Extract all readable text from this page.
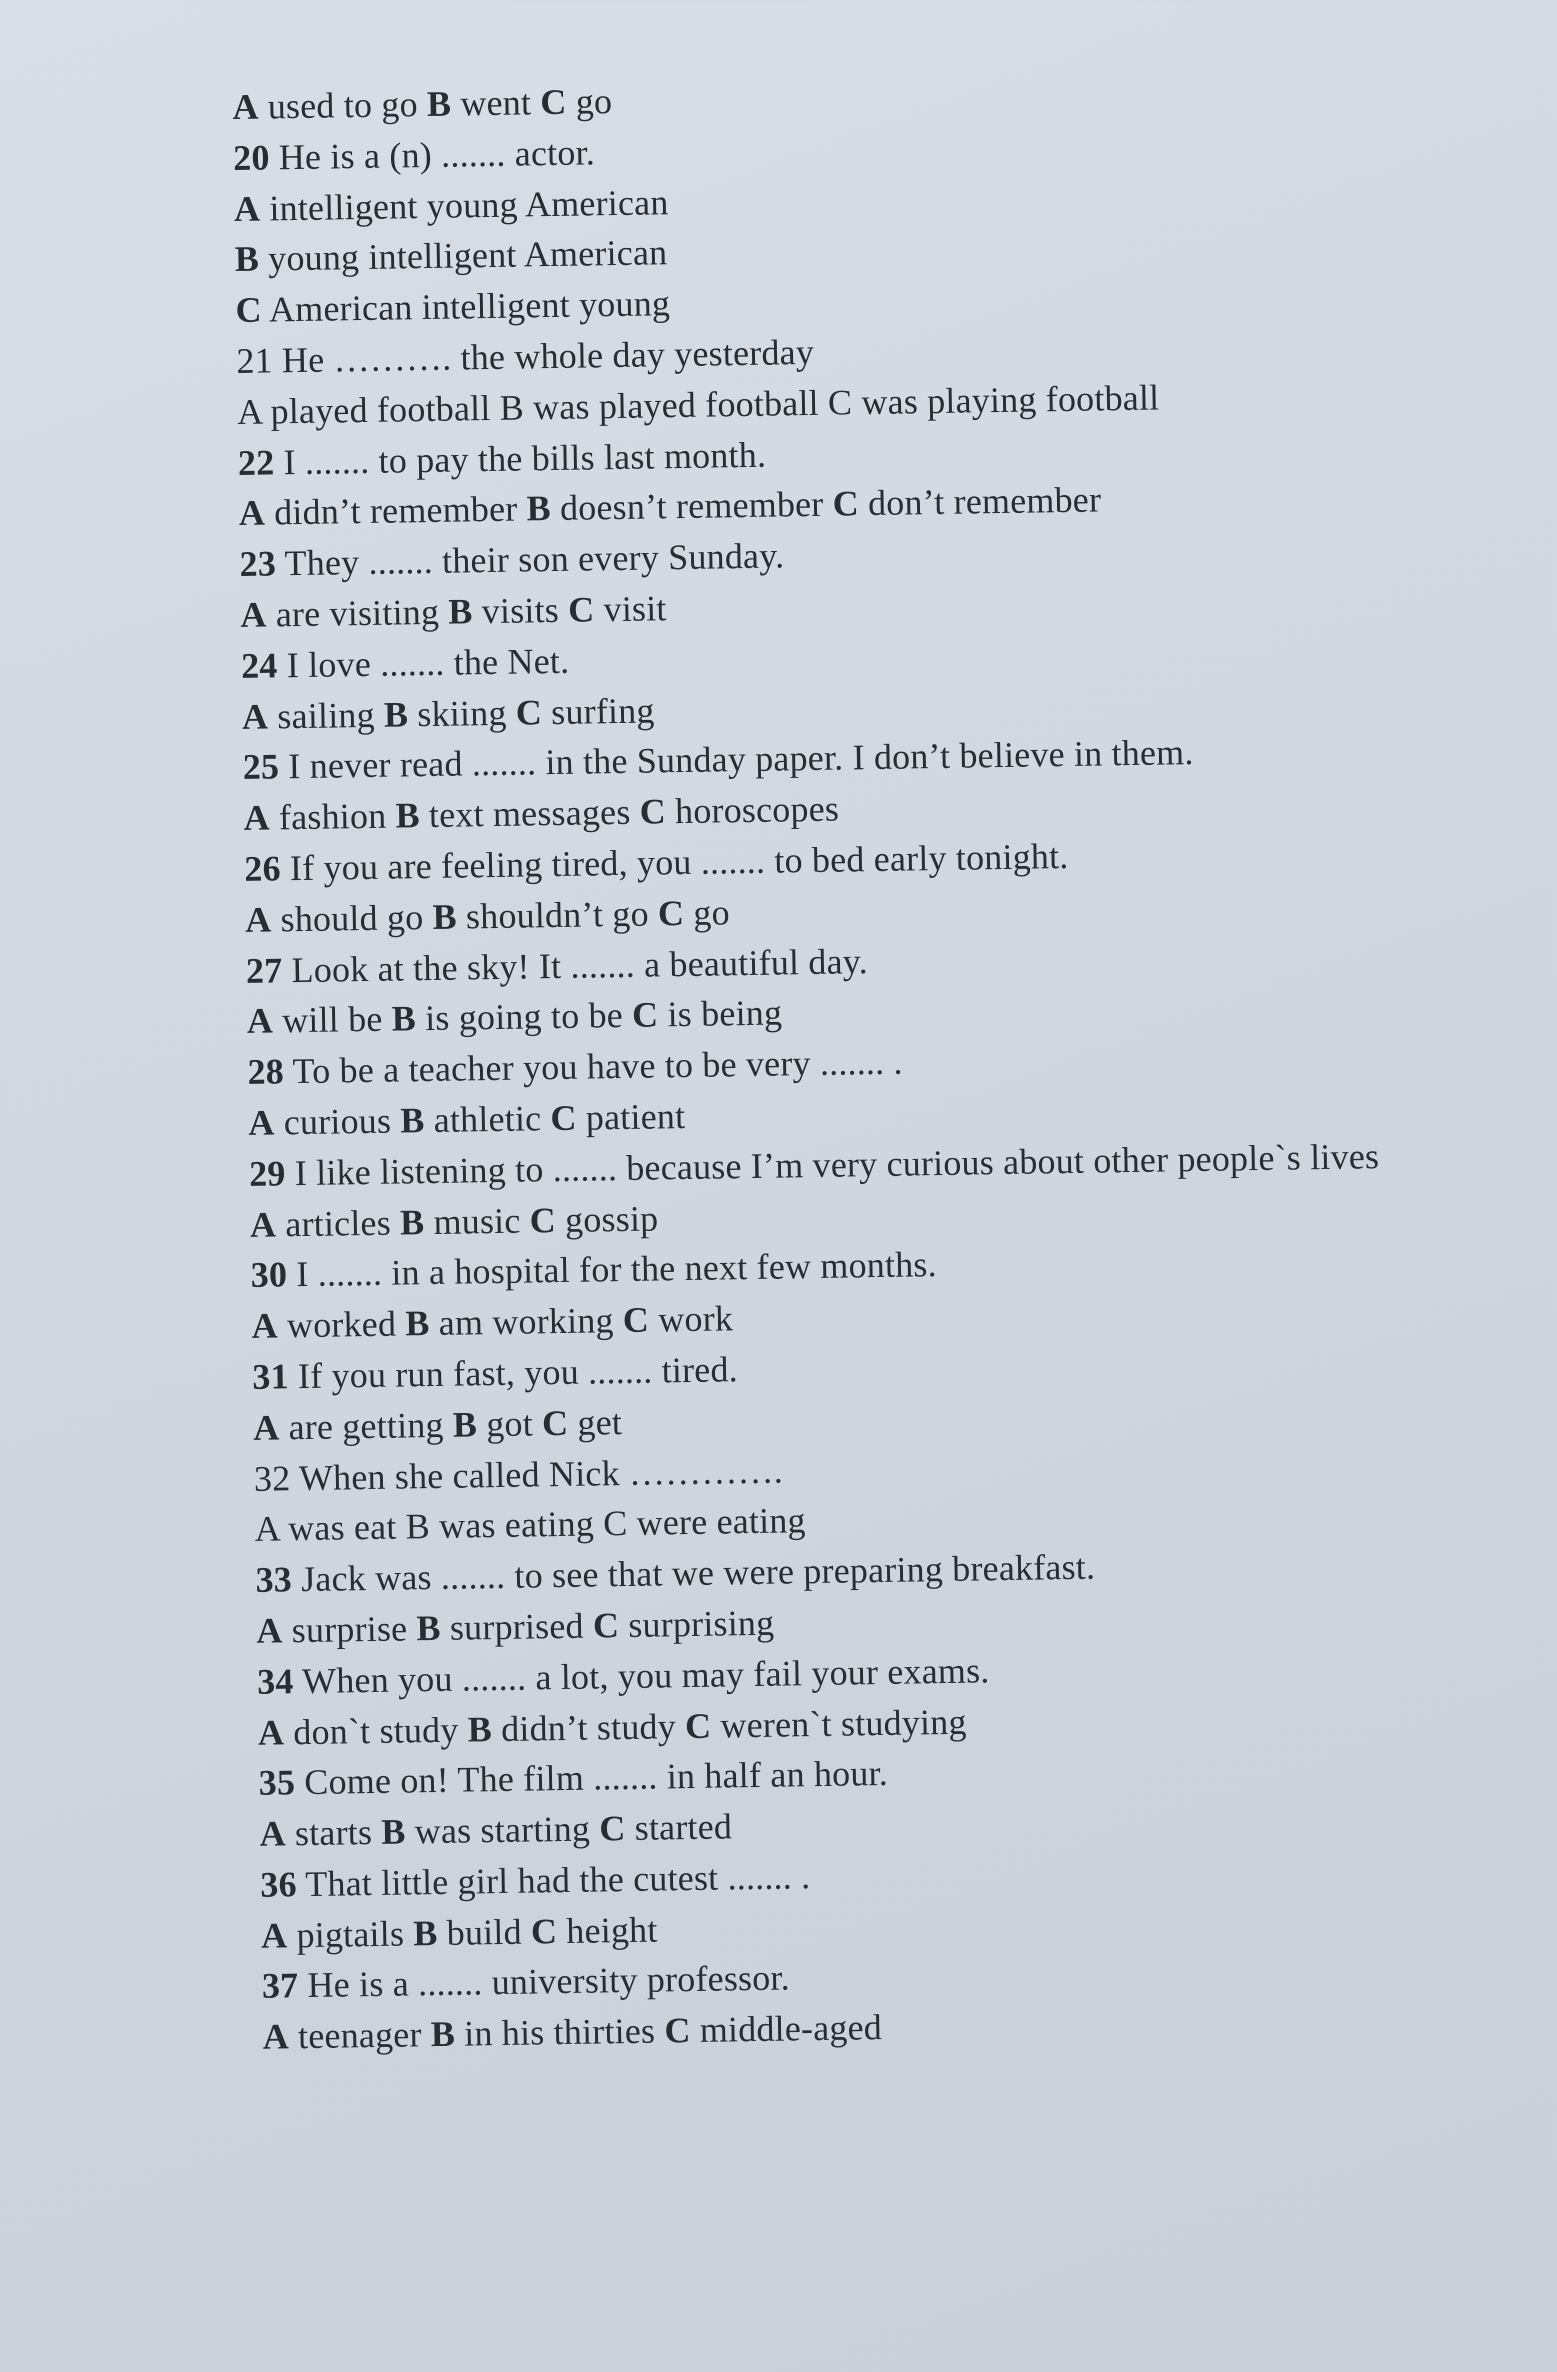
A used to go B went C go
20 He is a (n) ....... actor.
A intelligent young American
B young intelligent American
C American intelligent young
21 He ………. the whole day yesterday
A played football B was played football C was playing football
22 I ....... to pay the bills last month.
A didn’t remember B doesn’t remember C don’t remember
23 They ....... their son every Sunday.
A are visiting B visits C visit
24 I love ....... the Net.
A sailing B skiing C surfing
25 I never read ....... in the Sunday paper. I don’t believe in them.
A fashion B text messages C horoscopes
26 If you are feeling tired, you ....... to bed early tonight.
A should go B shouldn’t go C go
27 Look at the sky! It ....... a beautiful day.
A will be B is going to be C is being
28 To be a teacher you have to be very ....... .
A curious B athletic C patient
29 I like listening to ....... because I’m very curious about other people`s lives
A articles B music C gossip
30 I ....... in a hospital for the next few months.
A worked B am working C work
31 If you run fast, you ....... tired.
A are getting B got C get
32 When she called Nick ………….
A was eat B was eating C were eating
33 Jack was ....... to see that we were preparing breakfast.
A surprise B surprised C surprising
34 When you ....... a lot, you may fail your exams.
A don`t study B didn’t study C weren`t studying
35 Come on! The film ....... in half an hour.
A starts B was starting C started
36 That little girl had the cutest ....... .
A pigtails B build C height
37 He is a ....... university professor.
A teenager B in his thirties C middle-aged
